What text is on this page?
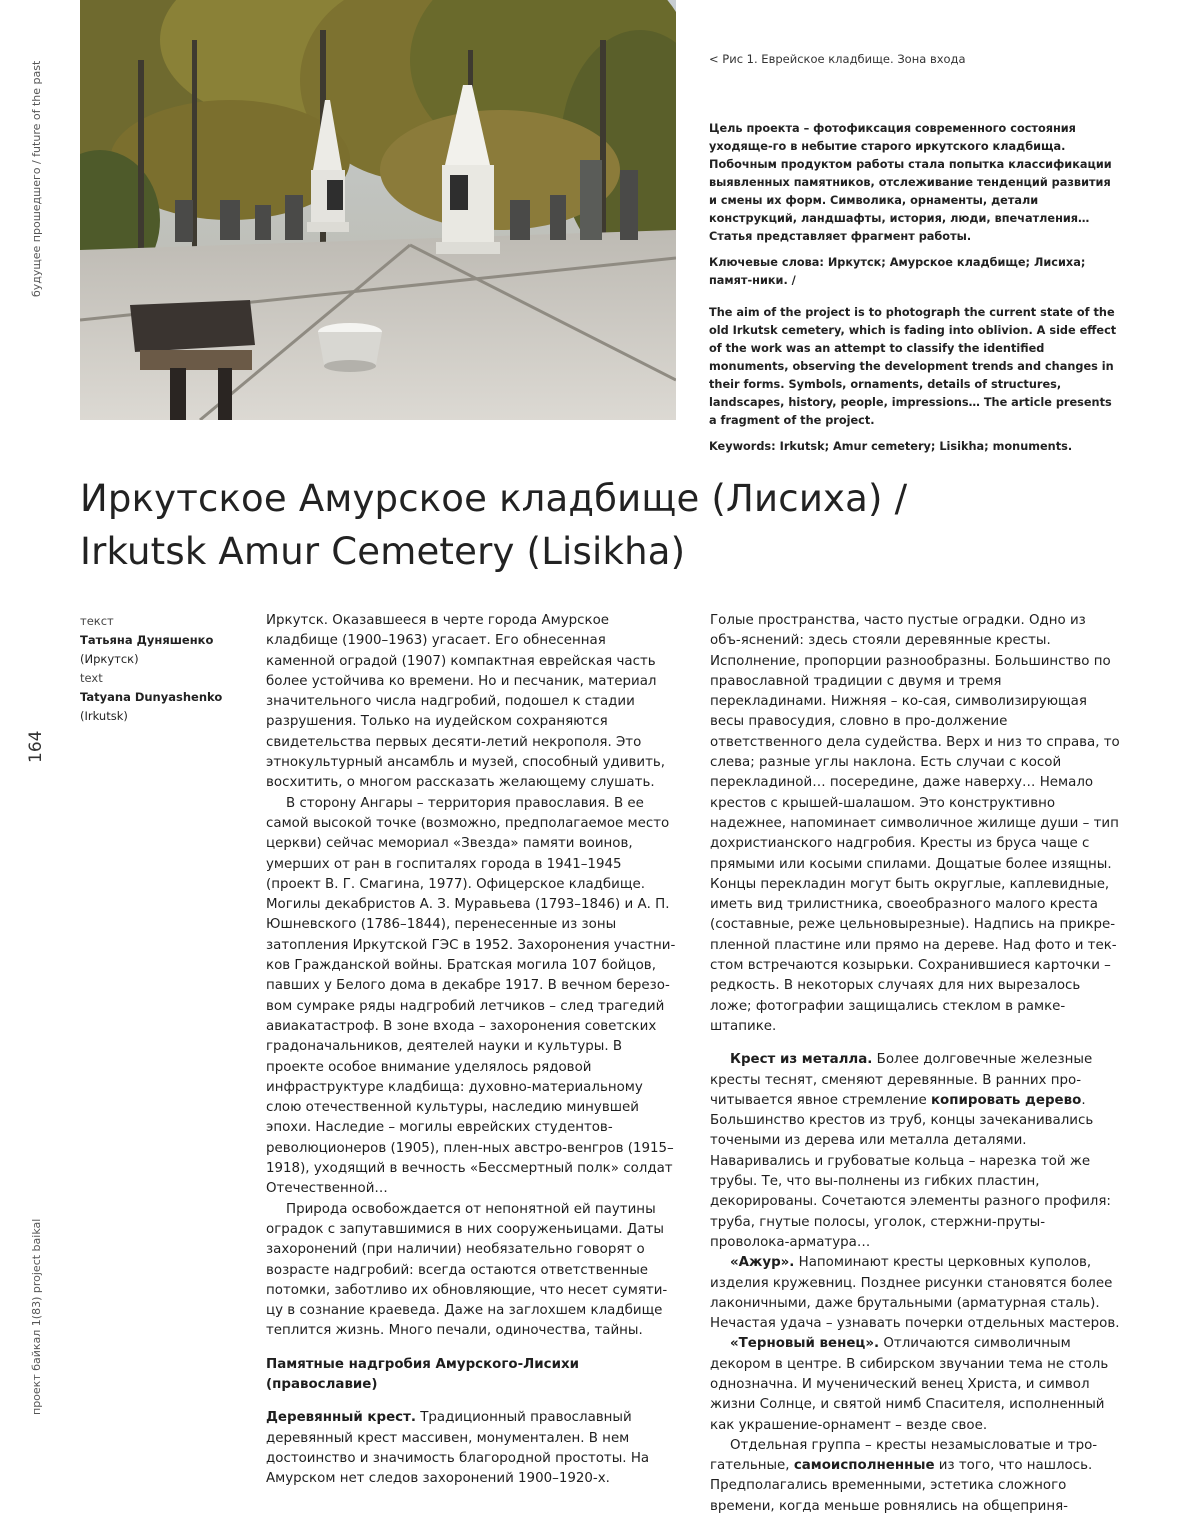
будущее прошедшего / future of the past
164
проект байкал 1(83) project baikal
< Рис 1. Еврейское кладбище. Зона входа

Цель проекта – фотофиксация современного состояния уходяще-го в небытие старого иркутского кладбища. Побочным продуктом работы стала попытка классификации выявленных памятников, отслеживание тенденций развития и смены их форм. Символика, орнаменты, детали конструкций, ландшафты, история, люди, впечатления… Статья представляет фрагмент работы.

Ключевые слова: Иркутск; Амурское кладбище; Лисиха; памят-ники. /

The aim of the project is to photograph the current state of the old Irkutsk cemetery, which is fading into oblivion. A side effect of the work was an attempt to classify the identified monuments, observing the development trends and changes in their forms. Symbols, ornaments, details of structures, landscapes, history, people, impressions… The article presents a fragment of the project.

Keywords: Irkutsk; Amur cemetery; Lisikha; monuments.

Иркутское Амурское кладбище (Лисиха) /
Irkutsk Amur Cemetery (Lisikha)
текст
Татьяна Дуняшенко
(Иркутск)
text
Tatyana Dunyashenko
(Irkutsk)

Иркутск. Оказавшееся в черте города Амурское кладбище (1900–1963) угасает. Его обнесенная каменной оградой (1907) компактная еврейская часть более устойчива ко времени. Но и песчаник, материал значительного числа надгробий, подошел к стадии разрушения. Только на иудейском сохраняются свидетельства первых десяти-летий некрополя. Это этнокультурный ансамбль и музей, способный удивить, восхитить, о многом рассказать желающему слушать.

В сторону Ангары – территория православия. В ее самой высокой точке (возможно, предполагаемое место церкви) сейчас мемориал «Звезда» памяти воинов, умерших от ран в госпиталях города в 1941–1945 (проект В. Г. Смагина, 1977). Офицерское кладбище. Могилы декабристов А. З. Муравьева (1793–1846) и А. П. Юшневского (1786–1844), перенесенные из зоны затопления Иркутской ГЭС в 1952. Захоронения участни-ков Гражданской войны. Братская могила 107 бойцов, павших у Белого дома в декабре 1917. В вечном березо-вом сумраке ряды надгробий летчиков – след трагедий авиакатастроф. В зоне входа – захоронения советских градоначальников, деятелей науки и культуры. В проекте особое внимание уделялось рядовой инфраструктуре кладбища: духовно-материальному слою отечественной культуры, наследию минувшей эпохи. Наследие – могилы еврейских студентов-революционеров (1905), плен-ных австро-венгров (1915–1918), уходящий в вечность «Бессмертный полк» солдат Отечественной…

Природа освобождается от непонятной ей паутины оградок с запутавшимися в них сооруженьицами. Даты захоронений (при наличии) необязательно говорят о возрасте надгробий: всегда остаются ответственные потомки, заботливо их обновляющие, что несет сумяти-цу в сознание краеведа. Даже на заглохшем кладбище теплится жизнь. Много печали, одиночества, тайны.

Памятные надгробия Амурского-Лисихи (православие)

Деревянный крест. Традиционный православный деревянный крест массивен, монументален. В нем достоинство и значимость благородной простоты. На Амурском нет следов захоронений 1900–1920-х.

Голые пространства, часто пустые оградки. Одно из объ-яснений: здесь стояли деревянные кресты. Исполнение, пропорции разнообразны. Большинство по православной традиции с двумя и тремя перекладинами. Нижняя – ко-сая, символизирующая весы правосудия, словно в про-должение ответственного дела судейства. Верх и низ то справа, то слева; разные углы наклона. Есть случаи с косой перекладиной… посередине, даже наверху… Немало крестов с крышей-шалашом. Это конструктивно надежнее, напоминает символичное жилище души – тип дохристианского надгробия. Кресты из бруса чаще с прямыми или косыми спилами. Дощатые более изящны. Концы перекладин могут быть округлые, каплевидные, иметь вид трилистника, своеобразного малого креста (составные, реже цельновырезные). Надпись на прикре-пленной пластине или прямо на дереве. Над фото и тек-стом встречаются козырьки. Сохранившиеся карточки – редкость. В некоторых случаях для них вырезалось ложе; фотографии защищались стеклом в рамке-штапике.

Крест из металла. Более долговечные железные кресты теснят, сменяют деревянные. В ранних про-читывается явное стремление копировать дерево. Большинство крестов из труб, концы зачеканивались точеными из дерева или металла деталями. Наваривались и грубоватые кольца – нарезка той же трубы. Те, что вы-полнены из гибких пластин, декорированы. Сочетаются элементы разного профиля: труба, гнутые полосы, уголок, стержни-пруты-проволока-арматура…

«Ажур». Напоминают кресты церковных куполов, изделия кружевниц. Позднее рисунки становятся более лаконичными, даже брутальными (арматурная сталь). Нечастая удача – узнавать почерки отдельных мастеров.

«Терновый венец». Отличаются символичным декором в центре. В сибирском звучании тема не столь однозначна. И мученический венец Христа, и символ жизни Солнце, и святой нимб Спасителя, исполненный как украшение-орнамент – везде свое.

Отдельная группа – кресты незамысловатые и тро-гательные, самоисполненные из того, что нашлось. Предполагались временными, эстетика сложного времени, когда меньше ровнялись на общеприня-
